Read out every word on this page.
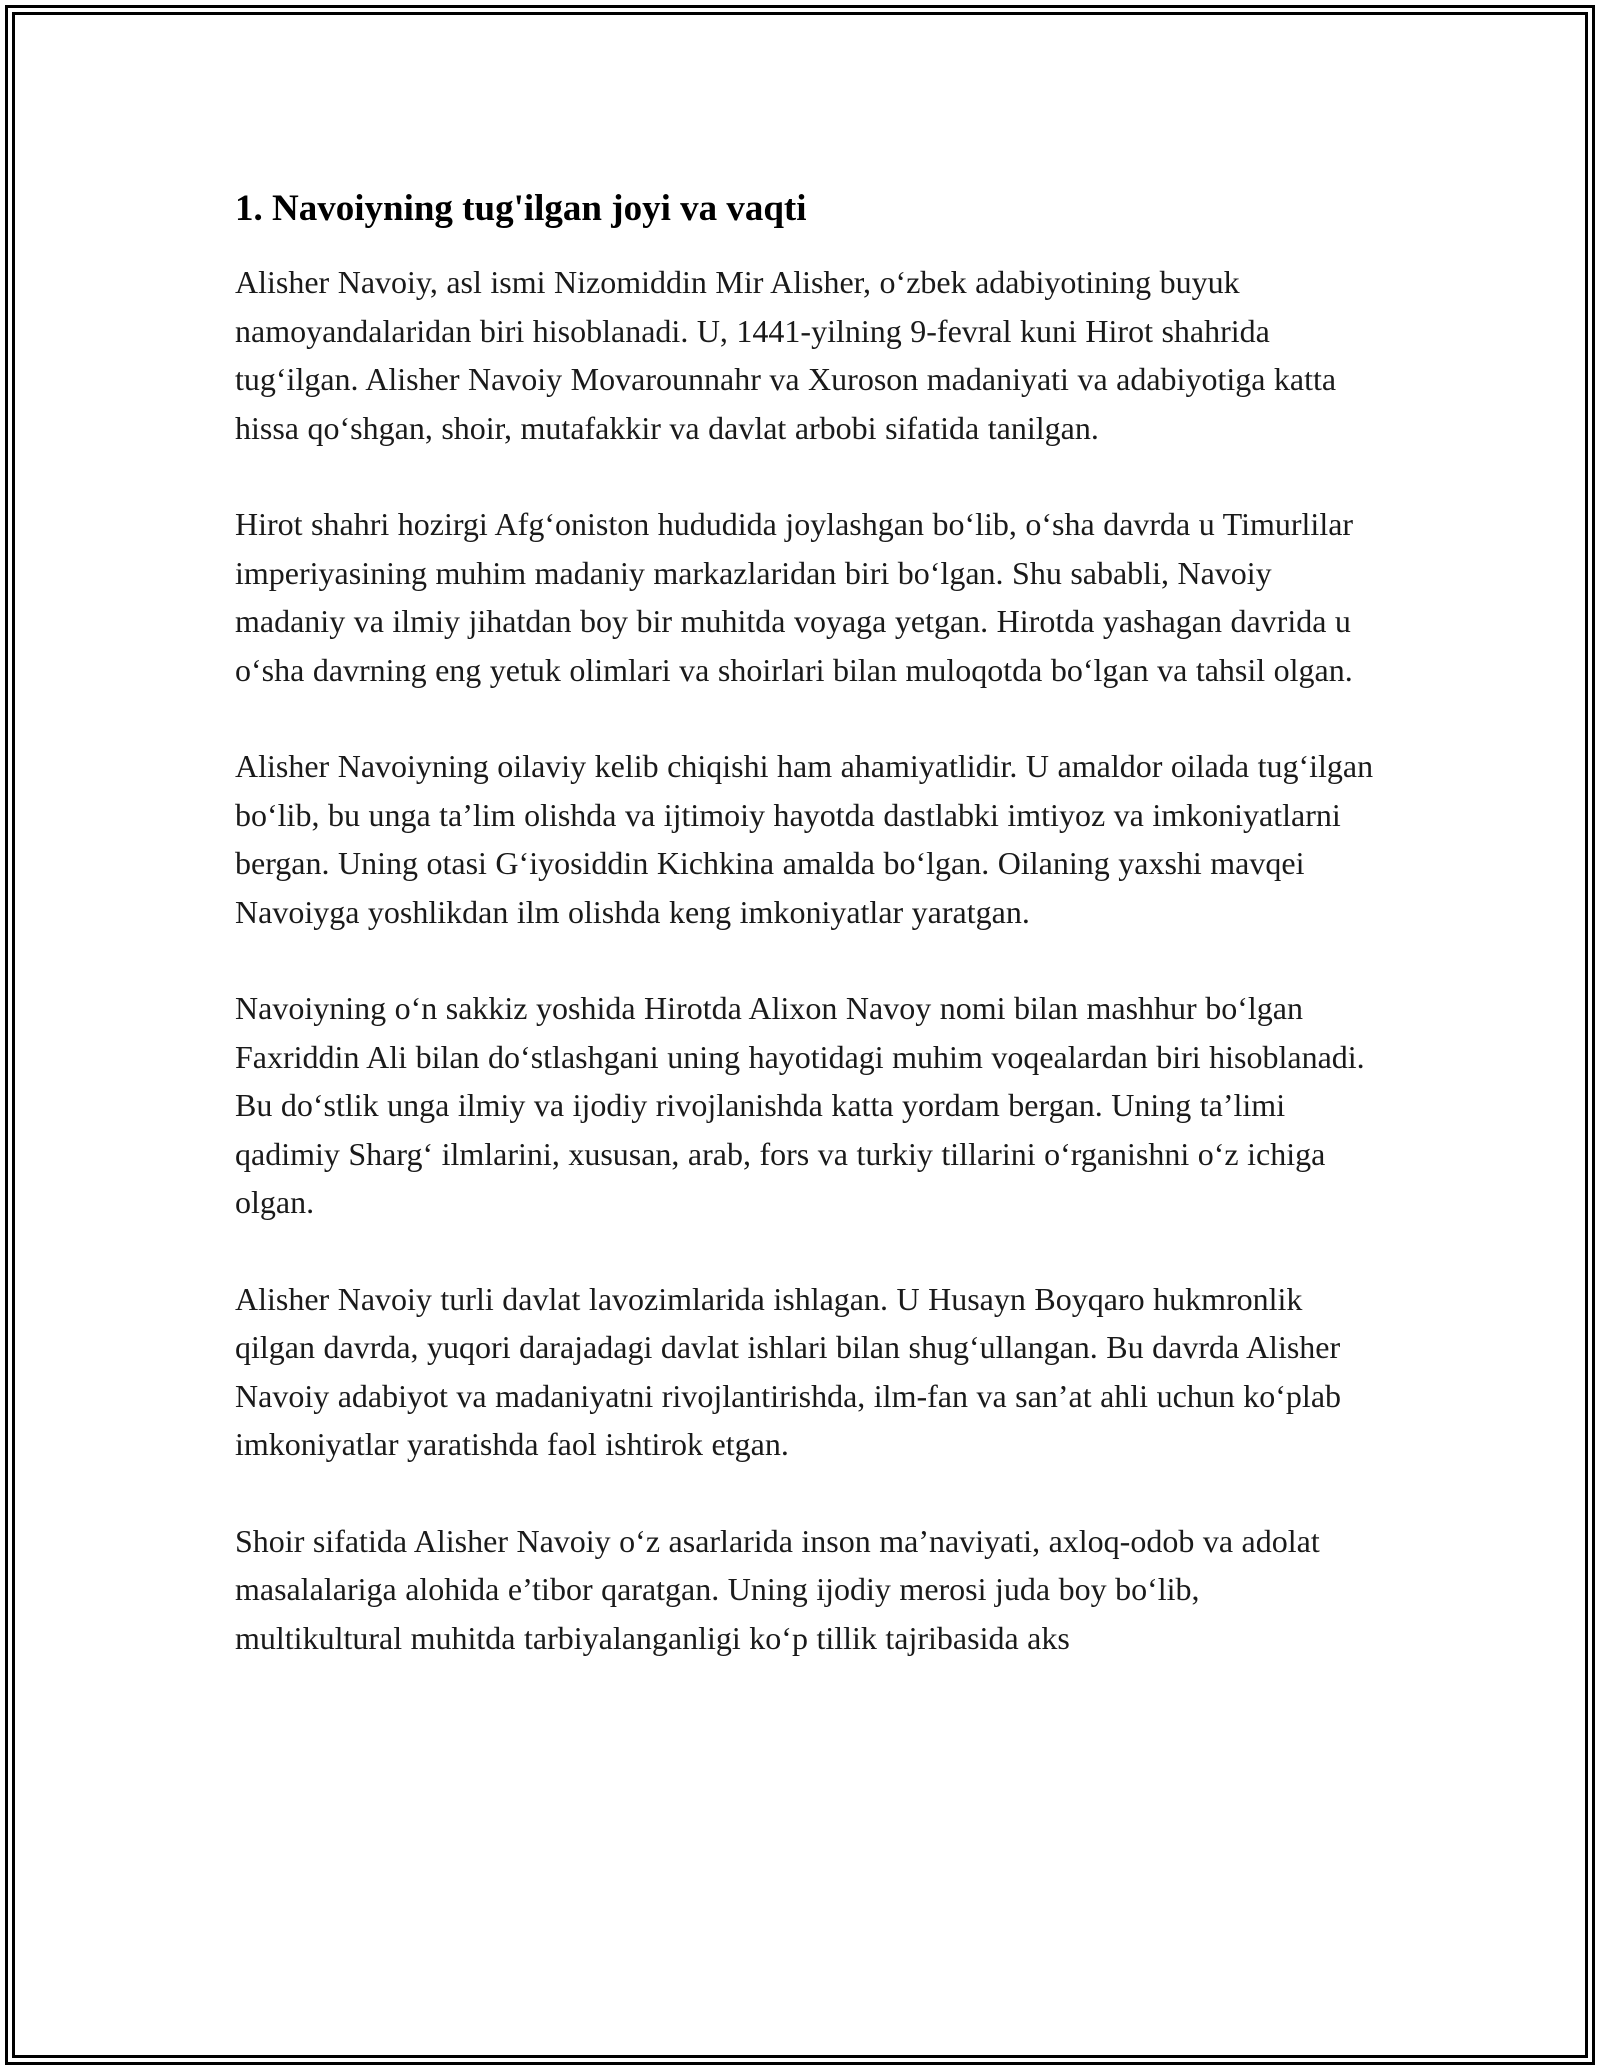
1. Navoiyning tug'ilgan joyi va vaqti

Alisher Navoiy, asl ismi Nizomiddin Mir Alisher, o‘zbek adabiyotining buyuk namoyandalaridan biri hisoblanadi. U, 1441-yilning 9-fevral kuni Hirot shahrida tug‘ilgan. Alisher Navoiy Movarounnahr va Xuroson madaniyati va adabiyotiga katta hissa qo‘shgan, shoir, mutafakkir va davlat arbobi sifatida tanilgan.

Hirot shahri hozirgi Afg‘oniston hududida joylashgan bo‘lib, o‘sha davrda u Timurlilar imperiyasining muhim madaniy markazlaridan biri bo‘lgan. Shu sababli, Navoiy madaniy va ilmiy jihatdan boy bir muhitda voyaga yetgan. Hirotda yashagan davrida u o‘sha davrning eng yetuk olimlari va shoirlari bilan muloqotda bo‘lgan va tahsil olgan.

Alisher Navoiyning oilaviy kelib chiqishi ham ahamiyatlidir. U amaldor oilada tug‘ilgan bo‘lib, bu unga ta’lim olishda va ijtimoiy hayotda dastlabki imtiyoz va imkoniyatlarni bergan. Uning otasi G‘iyosiddin Kichkina amalda bo‘lgan. Oilaning yaxshi mavqei Navoiyga yoshlikdan ilm olishda keng imkoniyatlar yaratgan.

Navoiyning o‘n sakkiz yoshida Hirotda Alixon Navoy nomi bilan mashhur bo‘lgan Faxriddin Ali bilan do‘stlashgani uning hayotidagi muhim voqealardan biri hisoblanadi. Bu do‘stlik unga ilmiy va ijodiy rivojlanishda katta yordam bergan. Uning ta’limi qadimiy Sharg‘ ilmlarini, xususan, arab, fors va turkiy tillarini o‘rganishni o‘z ichiga olgan.

Alisher Navoiy turli davlat lavozimlarida ishlagan. U Husayn Boyqaro hukmronlik qilgan davrda, yuqori darajadagi davlat ishlari bilan shug‘ullangan. Bu davrda Alisher Navoiy adabiyot va madaniyatni rivojlantirishda, ilm-fan va san’at ahli uchun ko‘plab imkoniyatlar yaratishda faol ishtirok etgan.

Shoir sifatida Alisher Navoiy o‘z asarlarida inson ma’naviyati, axloq-odob va adolat masalalariga alohida e’tibor qaratgan. Uning ijodiy merosi juda boy bo‘lib, multikultural muhitda tarbiyalanganligi ko‘p tillik tajribasida aks
